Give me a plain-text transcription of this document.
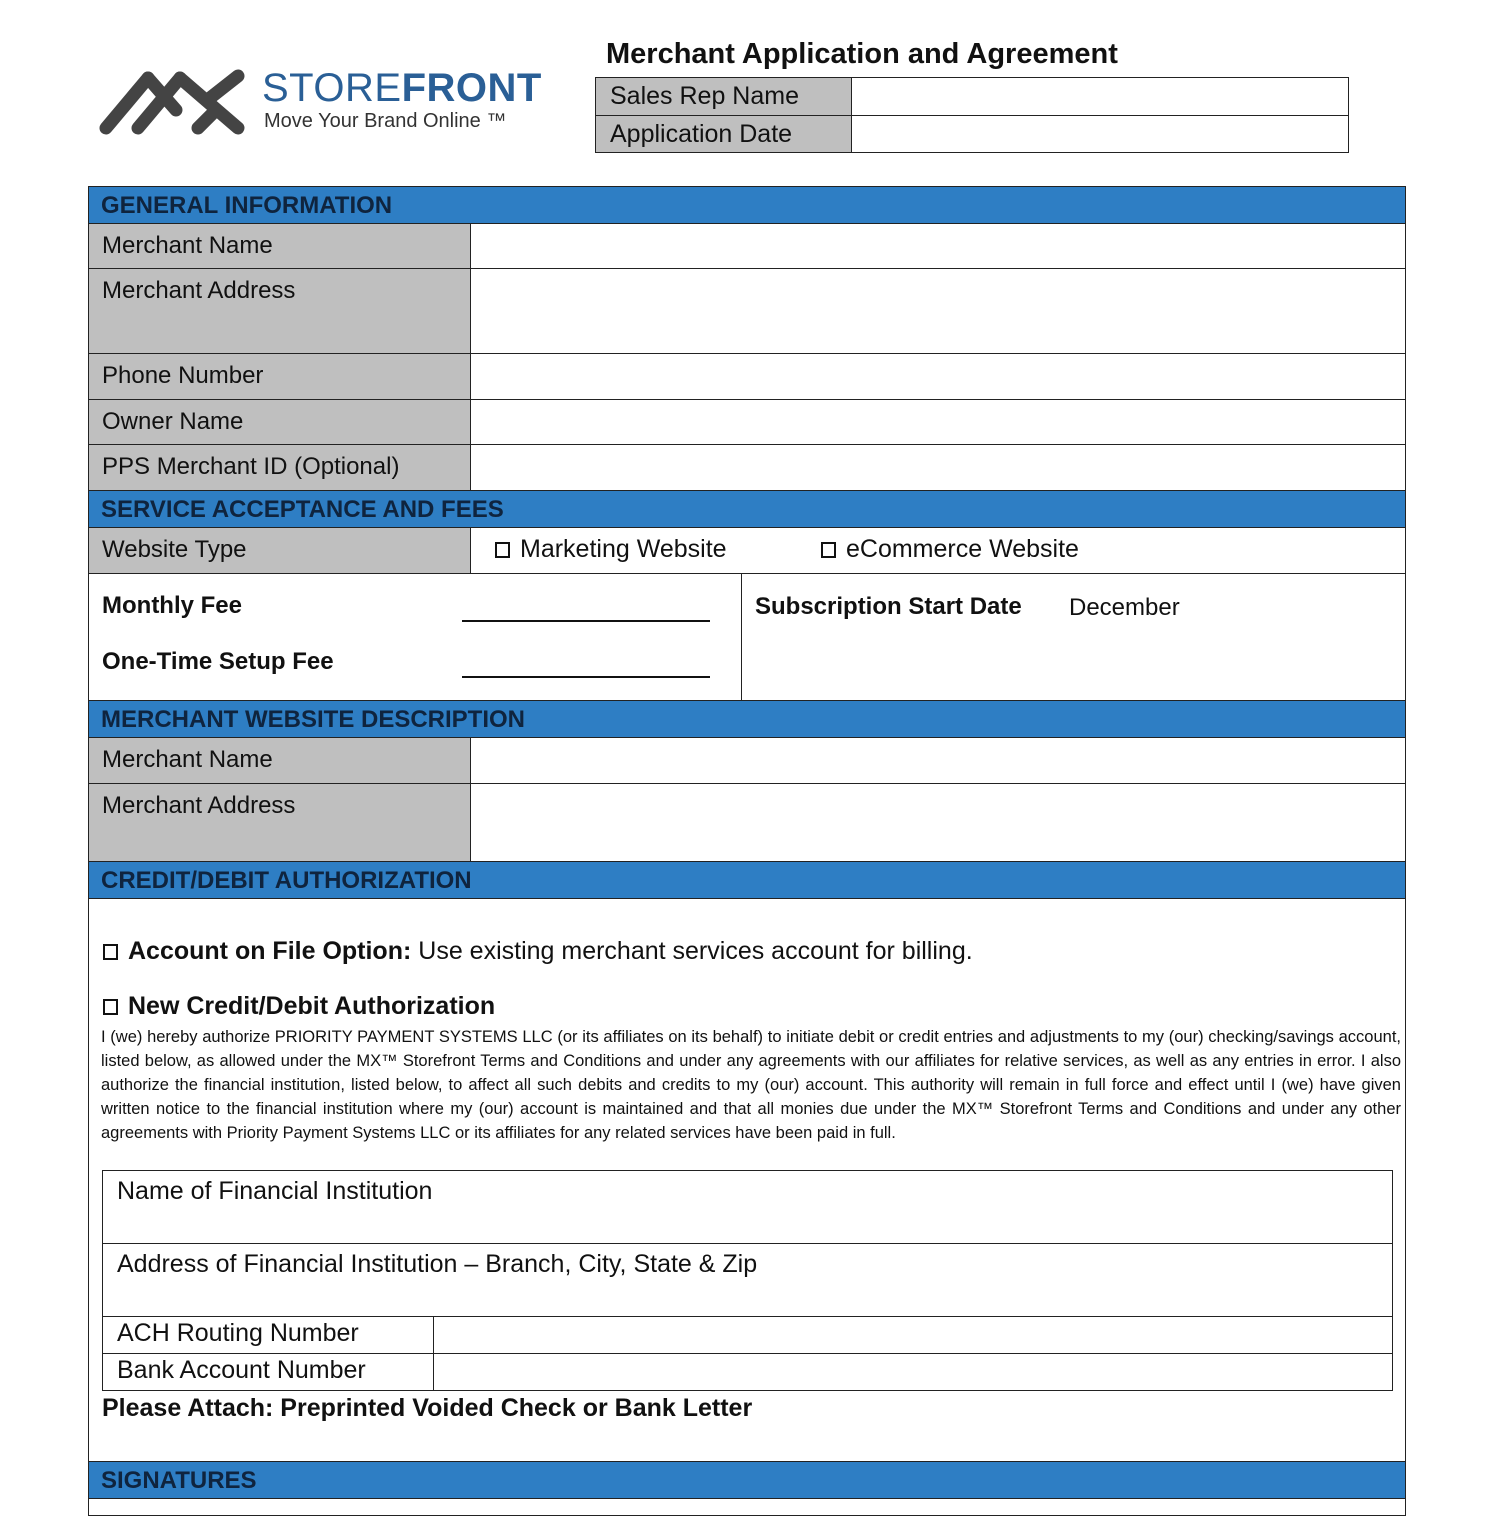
STOREFRONT
Move Your Brand Online ™
Merchant Application and Agreement
Sales Rep Name
Application Date
GENERAL INFORMATION
Merchant Name
Merchant Address
Phone Number
Owner Name
PPS Merchant ID (Optional)
SERVICE ACCEPTANCE AND FEES
Website Type	Marketing Website	eCommerce Website
Monthly Fee
One-Time Setup Fee
Subscription Start Date December
MERCHANT WEBSITE DESCRIPTION
Merchant Name
Merchant Address
CREDIT/DEBIT AUTHORIZATION
Account on File Option: Use existing merchant services account for billing.
New Credit/Debit Authorization
I (we) hereby authorize PRIORITY PAYMENT SYSTEMS LLC (or its affiliates on its behalf) to initiate debit or credit entries and adjustments to my (our) checking/savings account, listed below, as allowed under the MX™ Storefront Terms and Conditions and under any agreements with our affiliates for relative services, as well as any entries in error. I also authorize the financial institution, listed below, to affect all such debits and credits to my (our) account. This authority will remain in full force and effect until I (we) have given written notice to the financial institution where my (our) account is maintained and that all monies due under the MX™ Storefront Terms and Conditions and under any other agreements with Priority Payment Systems LLC or its affiliates for any related services have been paid in full.
Name of Financial Institution
Address of Financial Institution – Branch, City, State & Zip
ACH Routing Number
Bank Account Number
Please Attach: Preprinted Voided Check or Bank Letter
SIGNATURES
